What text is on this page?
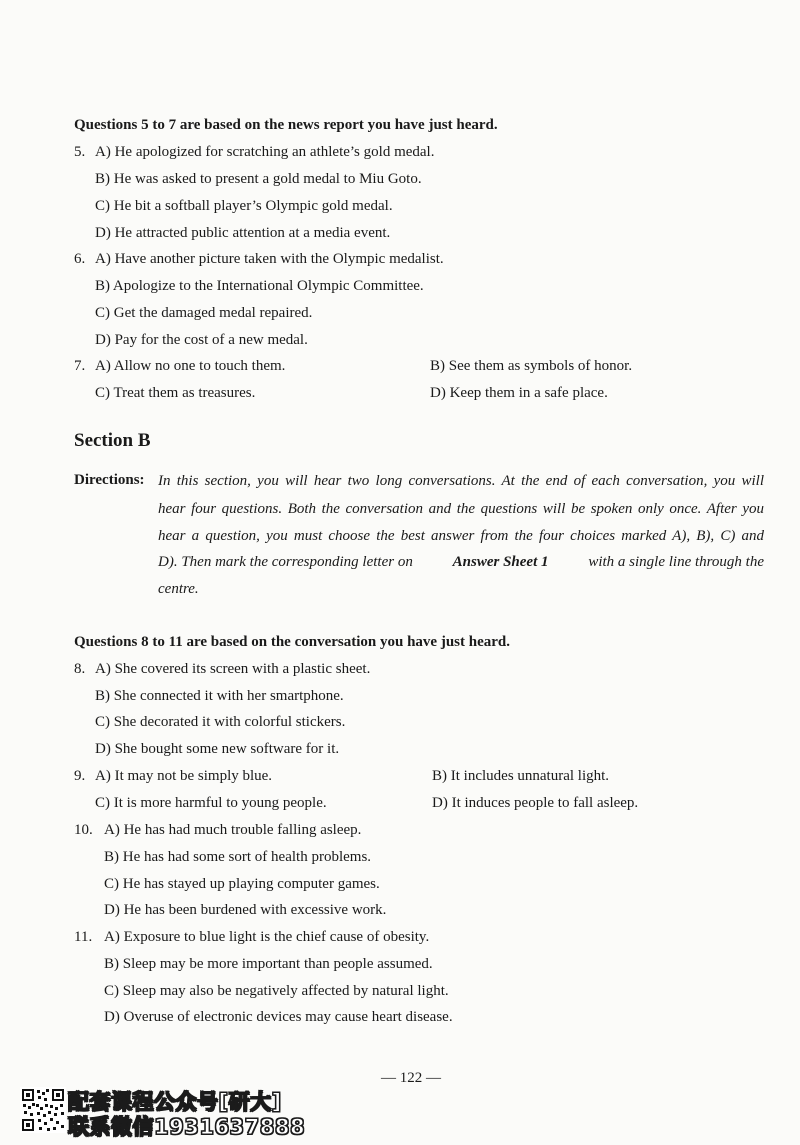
Questions 5 to 7 are based on the news report you have just heard.
5. A) He apologized for scratching an athlete’s gold medal.
B) He was asked to present a gold medal to Miu Goto.
C) He bit a softball player’s Olympic gold medal.
D) He attracted public attention at a media event.
6. A) Have another picture taken with the Olympic medalist.
B) Apologize to the International Olympic Committee.
C) Get the damaged medal repaired.
D) Pay for the cost of a new medal.
7. A) Allow no one to touch them.	B) See them as symbols of honor.
C) Treat them as treasures.	D) Keep them in a safe place.
Section B
Directions: In this section, you will hear two long conversations. At the end of each conversation, you will
hear four questions. Both the conversation and the questions will be spoken only once. After you
hear a question, you must choose the best answer from the four choices marked A), B), C) and
D). Then mark the corresponding letter on	Answer Sheet 1	with a single line through the
centre.
Questions 8 to 11 are based on the conversation you have just heard.
8. A) She covered its screen with a plastic sheet.
B) She connected it with her smartphone.
C) She decorated it with colorful stickers.
D) She bought some new software for it.
9. A) It may not be simply blue.	B) It includes unnatural light.
C) It is more harmful to young people.	D) It induces people to fall asleep.
10. A) He has had much trouble falling asleep.
B) He has had some sort of health problems.
C) He has stayed up playing computer games.
D) He has been burdened with excessive work.
11. A) Exposure to blue light is the chief cause of obesity.
B) Sleep may be more important than people assumed.
C) Sleep may also be negatively affected by natural light.
D) Overuse of electronic devices may cause heart disease.
— 122 —
配套课程公众号[研大]
联系微信1931637888
